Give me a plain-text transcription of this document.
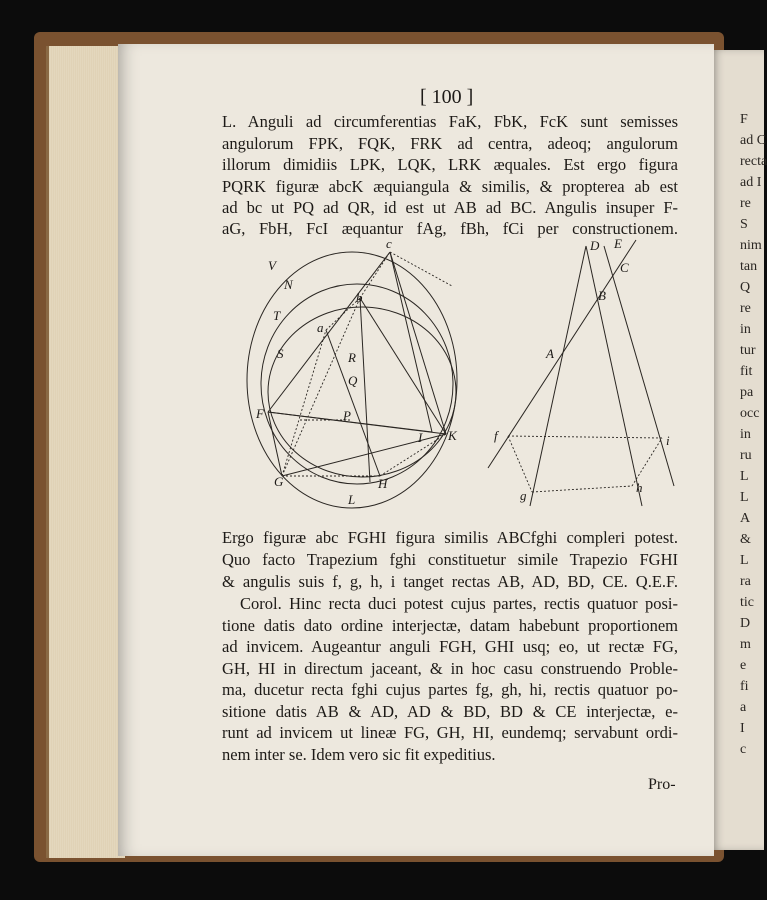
[ 100 ]
L. Anguli ad circumferentias FaK, FbK, FcK sunt semisses
angulorum FPK, FQK, FRK ad centra, adeoq; angulorum
illorum dimidiis LPK, LQK, LRK æquales. Est ergo figura
PQRK figuræ abcK æquiangula & similis, & propterea ab est
ad bc ut PQ ad QR, id est ut AB ad BC. Angulis insuper F-
aG, FbH, FcI æquantur fAg, fBh, fCi per constructionem.
V
N
T
S
F
G
c
b
a
R
Q
P
I K
H
L
D E
C
B
A
f	i
g
h
Ergo figuræ abc FGHI figura similis ABCfghi compleri potest.
Quo facto Trapezium fghi constituetur simile Trapezio FGHI
& angulis suis f, g, h, i tanget rectas AB, AD, BD, CE. Q.E.F.
Corol. Hinc recta duci potest cujus partes, rectis quatuor posi-
tione datis dato ordine interjectæ, datam habebunt proportionem
ad invicem. Augeantur anguli FGH, GHI usq; eo, ut rectæ FG,
GH, HI in directum jaceant, & in hoc casu construendo Proble-
ma, ducetur recta fghi cujus partes fg, gh, hi, rectis quatuor po-
sitione datis AB & AD, AD & BD, BD & CE interjectæ, e-
runt ad invicem ut lineæ FG, GH, HI, eundemq; servabunt ordi-
nem inter se. Idem vero sic fit expeditius.
Pro-
F
ad C
recta
ad I
re
S
nim
tan
Q
re
in
tur
fit
pa
occ
in
ru
L
L
A
&
L
ra
tic
D
m
e
fi
a
I
c
